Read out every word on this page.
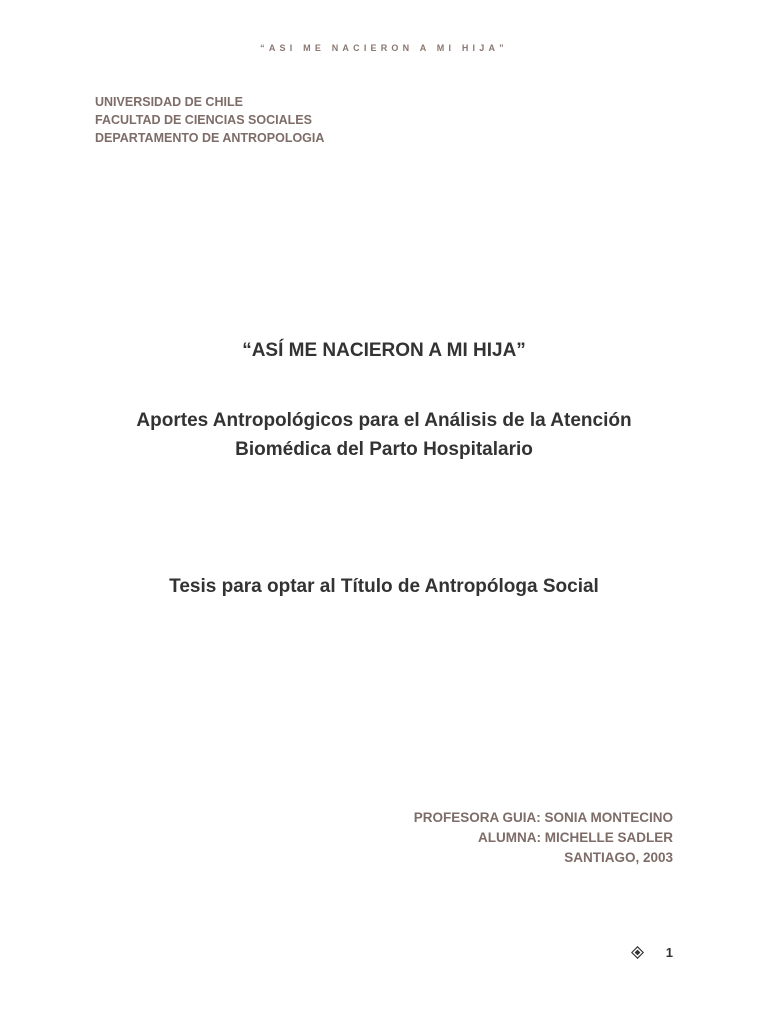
“ASI ME NACIERON A MI HIJA”
UNIVERSIDAD DE CHILE
FACULTAD DE CIENCIAS SOCIALES
DEPARTAMENTO DE ANTROPOLOGIA
“ASÍ ME NACIERON A MI HIJA”
Aportes Antropológicos para el Análisis de la Atención
Biomédica del Parto Hospitalario
Tesis para optar al Título de Antropóloga Social
PROFESORA GUIA: SONIA MONTECINO
ALUMNA: MICHELLE SADLER
SANTIAGO, 2003
1
